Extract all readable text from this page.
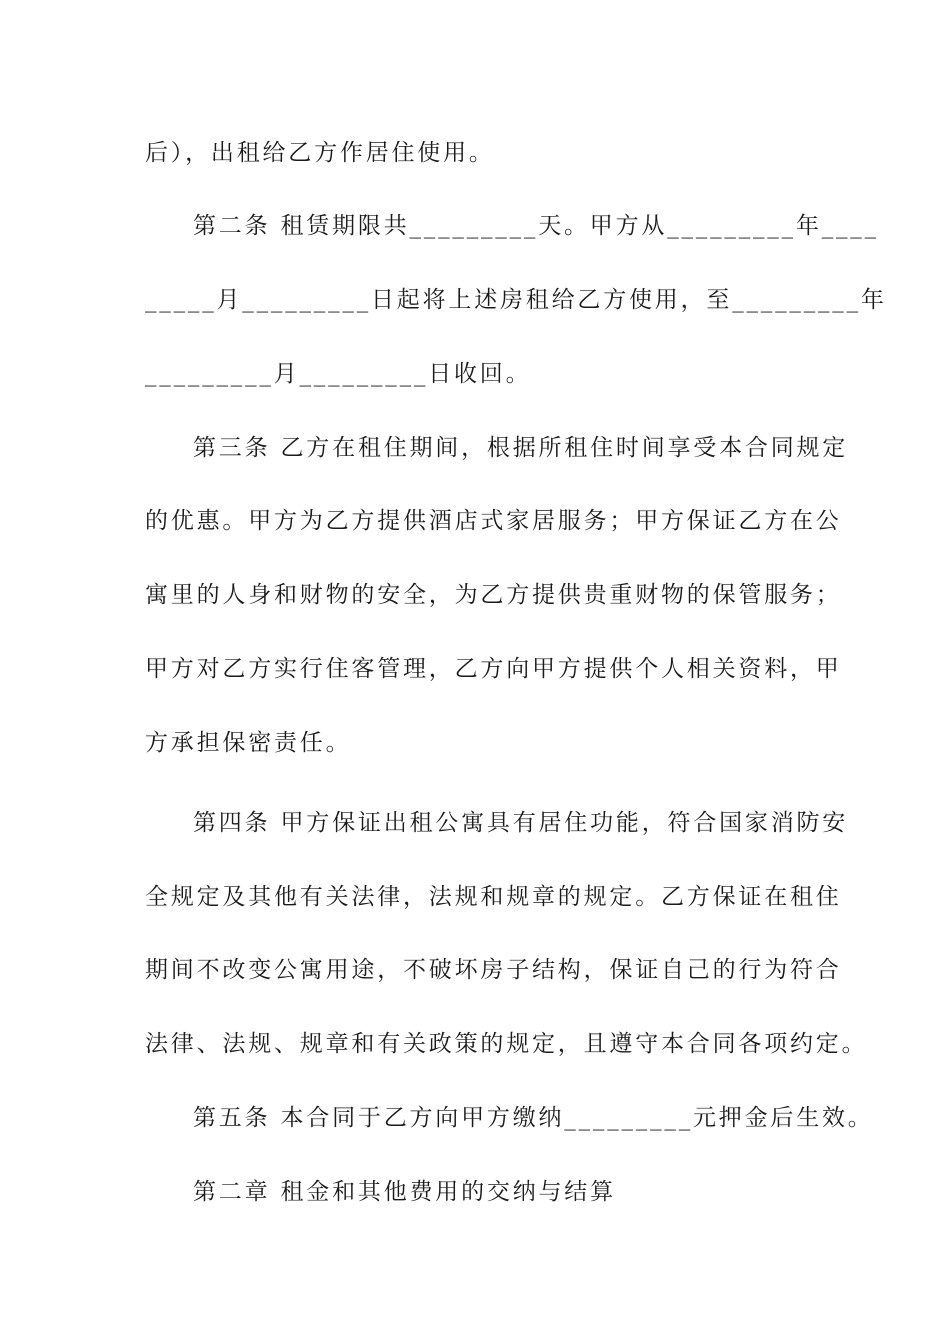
后），出租给乙方作居住使用。
第二条 租赁期限共_________天。甲方从_________年____
_____月_________日起将上述房租给乙方使用，至_________年
_________月_________日收回。
第三条 乙方在租住期间，根据所租住时间享受本合同规定
的优惠。甲方为乙方提供酒店式家居服务；甲方保证乙方在公
寓里的人身和财物的安全，为乙方提供贵重财物的保管服务；
甲方对乙方实行住客管理，乙方向甲方提供个人相关资料，甲
方承担保密责任。
第四条 甲方保证出租公寓具有居住功能，符合国家消防安
全规定及其他有关法律，法规和规章的规定。乙方保证在租住
期间不改变公寓用途，不破坏房子结构，保证自己的行为符合
法律、法规、规章和有关政策的规定，且遵守本合同各项约定。
第五条 本合同于乙方向甲方缴纳_________元押金后生效。
第二章 租金和其他费用的交纳与结算
